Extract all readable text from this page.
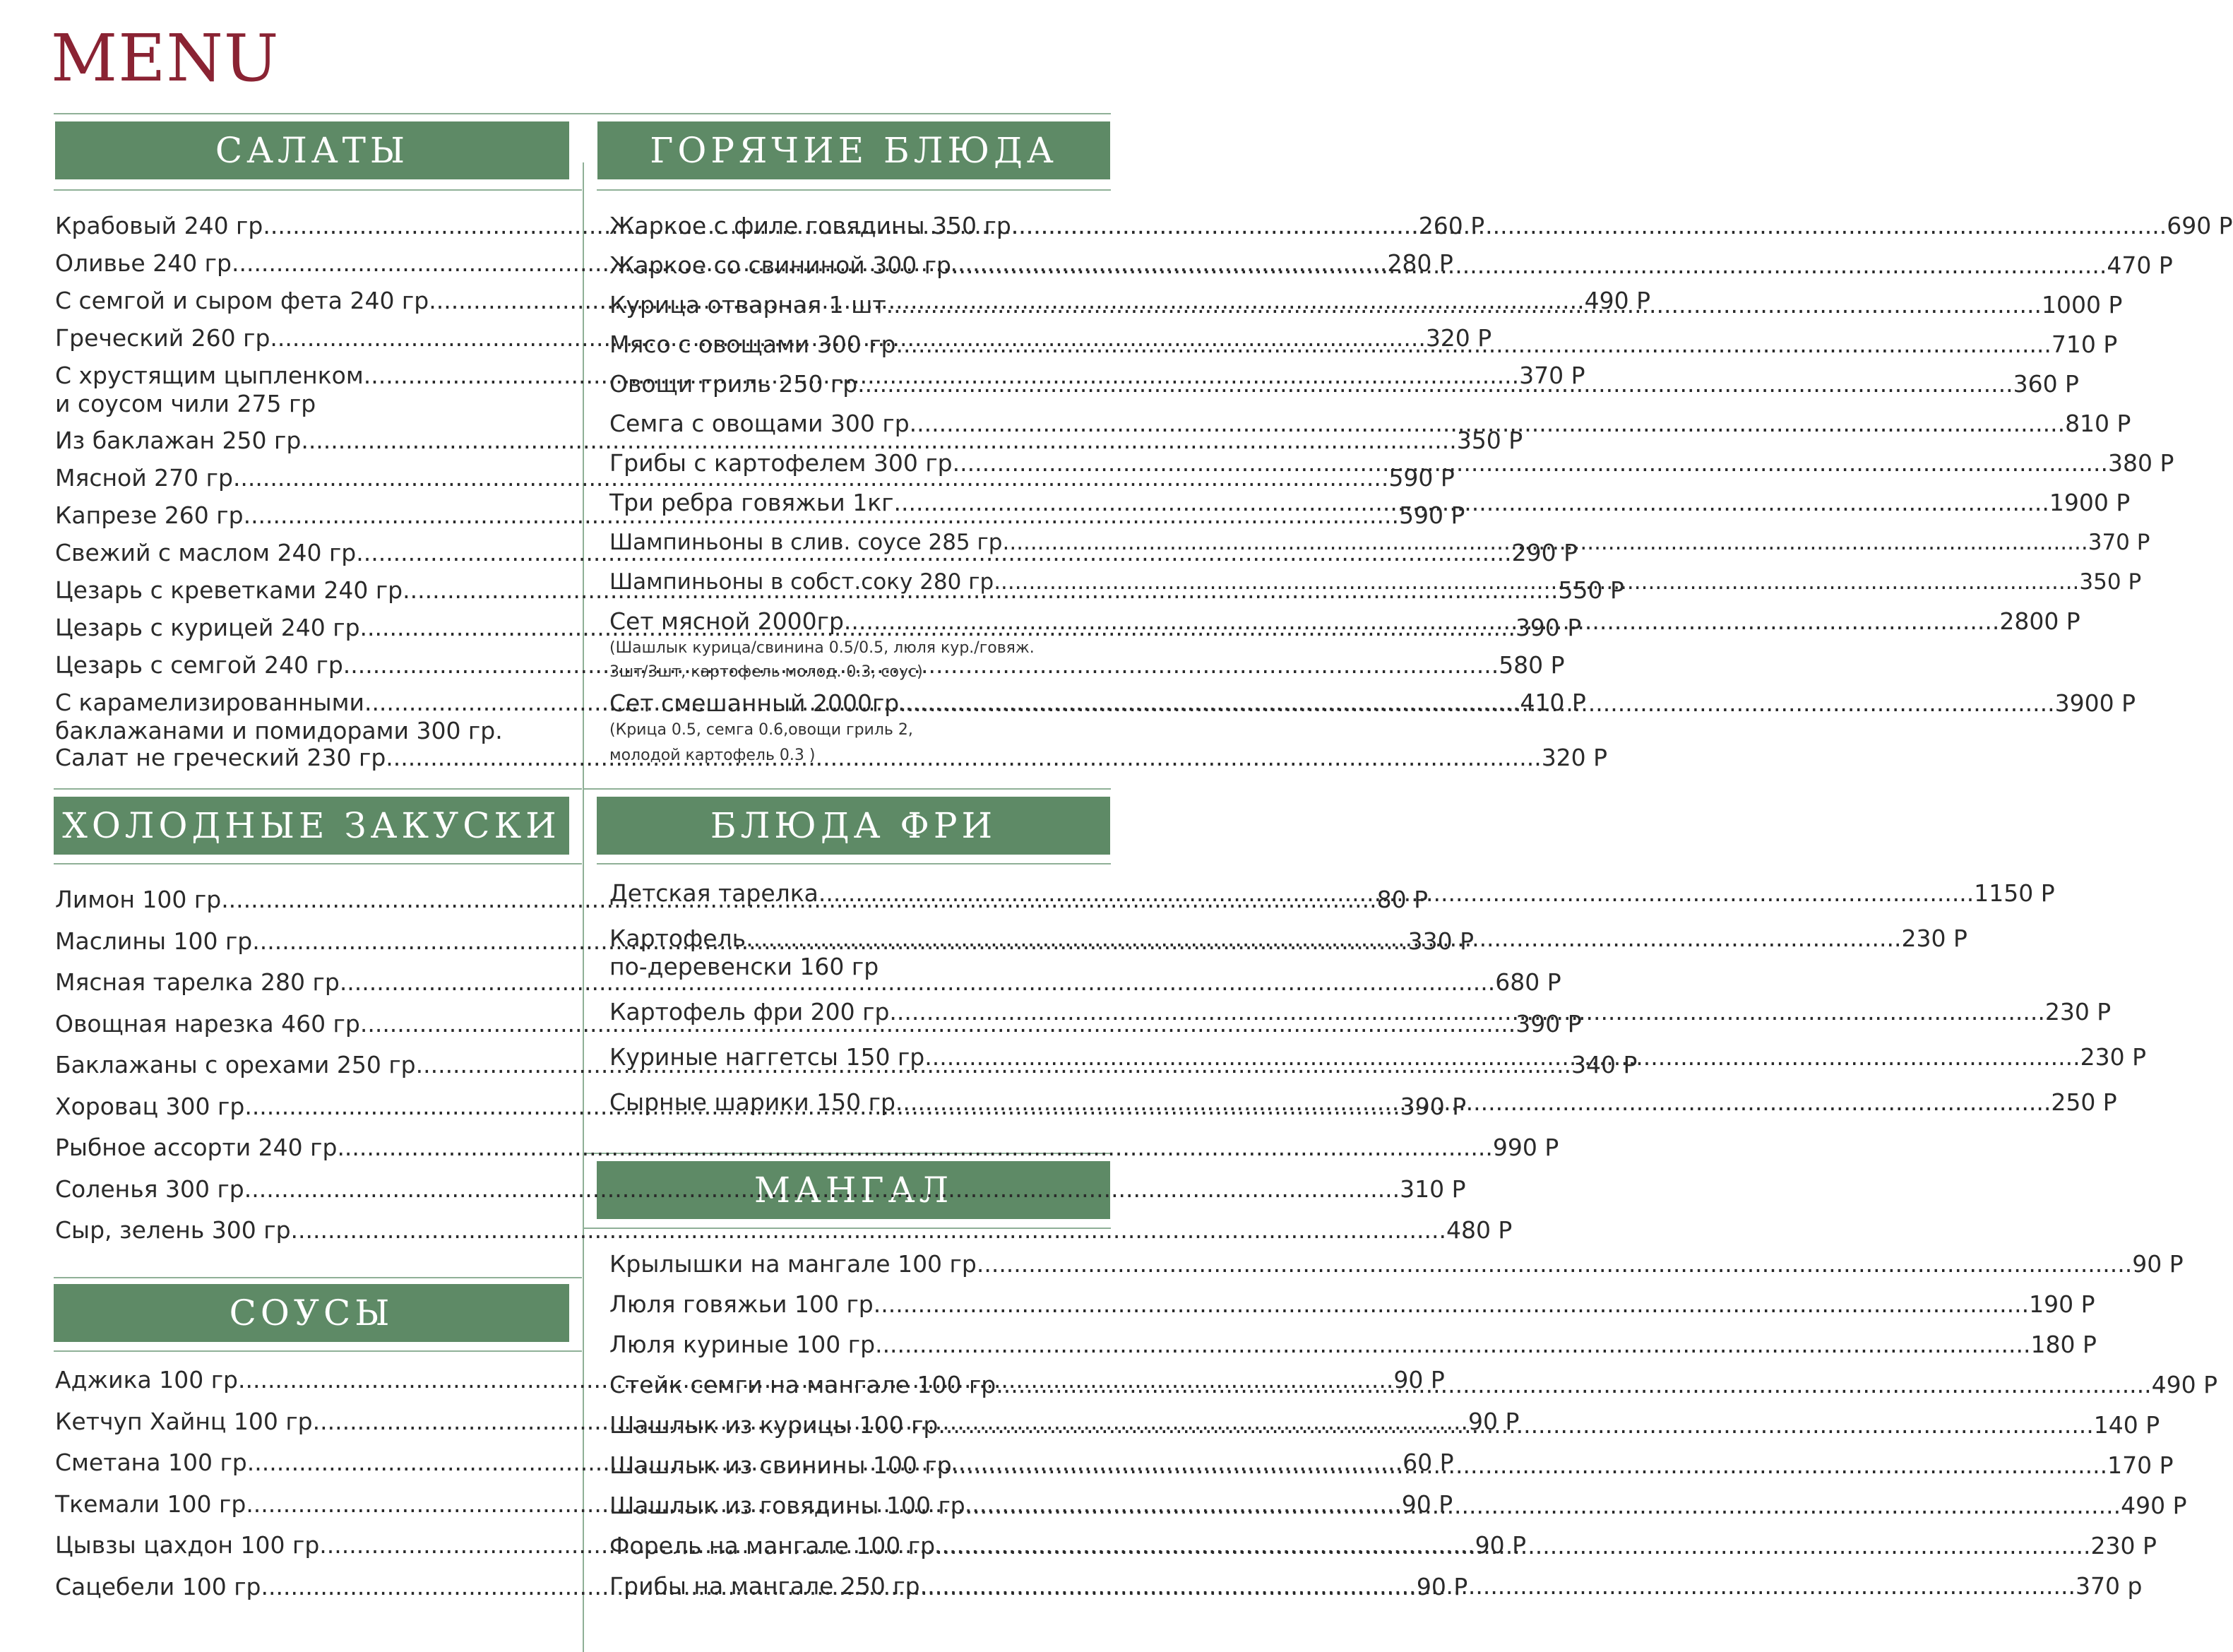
MENU
САЛАТЫ	ГОРЯЧИЕ БЛЮДА
ХОЛОДНЫЕ ЗАКУСКИ	БЛЮДА ФРИ
СОУСЫ
МАНГАЛ
Крабовый 240 гр .....	260 Р
Оливье 240 гр .....	280 Р
С семгой и сыром фета 240 гр .....	490 Р
Греческий 260 гр .....	320 Р
С хрустящим цыпленком .....	370 Р
и соусом чили 275 гр
Из баклажан 250 гр .....	350 Р
Мясной 270 гр .....	590 Р
Капрезе 260 гр .....	590 Р
Свежий с маслом 240 гр .....	290 Р
Цезарь с креветками 240 гр .....	550 Р
Цезарь с курицей 240 гр .....	390 Р
Цезарь с семгой 240 гр .....	580 Р
С карамелизированными .....	410 Р
баклажанами и помидорами 300 гр.
Салат не греческий 230 гр .....	320 Р
Жаркое с филе говядины 350 гр .....	690 Р
Жаркое со свининой 300 гр .....	470 Р
Курица отварная 1 шт .....	1000 Р
Мясо с овощами 300 гр .....	710 Р
Овощи гриль 250 гр .....	360 Р
Семга с овощами 300 гр .....	810 Р
Грибы с картофелем 300 гр .....	380 Р
Три ребра говяжьи 1кг .....	1900 Р
Шампиньоны в слив. соусе 285 гр .....	370 Р
Шампиньоны в собст.соку 280 гр .....	350 Р
Сет мясной 2000гр .....	2800 Р
(Шашлык курица/свинина 0.5/0.5, люля кур./говяж.
3шт/3шт, картофель молод. 0.3, соус)
Сет смешанный 2000гр .....	3900 Р
(Крица 0.5, семга 0.6,овощи гриль 2,
молодой картофель 0.3 )
Лимон 100 гр .....	80 Р
Маслины 100 гр .....	330 Р
Мясная тарелка 280 гр .....	680 Р
Овощная нарезка 460 гр .....	390 Р
Баклажаны с орехами 250 гр .....	340 Р
Хоровац 300 гр .....	390 Р
Рыбное ассорти 240 гр .....	990 Р
Соленья 300 гр .....	310 Р
Сыр, зелень 300 гр .....	480 Р
Детская тарелка .....	1150 Р
Картофель .....	230 Р
по-деревенски 160 гр
Картофель фри 200 гр .....	230 Р
Куриные наггетсы 150 гр .....	230 Р
Сырные шарики 150 гр .....	250 Р
Аджика 100 гр .....	90 Р
Кетчуп Хайнц 100 гр .....	90 Р
Сметана 100 гр .....	60 Р
Ткемали 100 гр .....	90 Р
Цывзы цахдон 100 гр .....	90 Р
Сацебели 100 гр .....	90 Р
Крылышки на мангале 100 гр .....	90 Р
Люля говяжьи 100 гр .....	190 Р
Люля куриные 100 гр .....	180 Р
Стейк семги на мангале 100 гр .....	490 Р
Шашлык из курицы 100 гр .....	140 Р
Шашлык из свинины 100 гр .....	170 Р
Шашлык из говядины 100 гр .....	490 Р
Форель на мангале 100 гр .....	230 Р
Грибы на мангале 250 гр .....	370 р
